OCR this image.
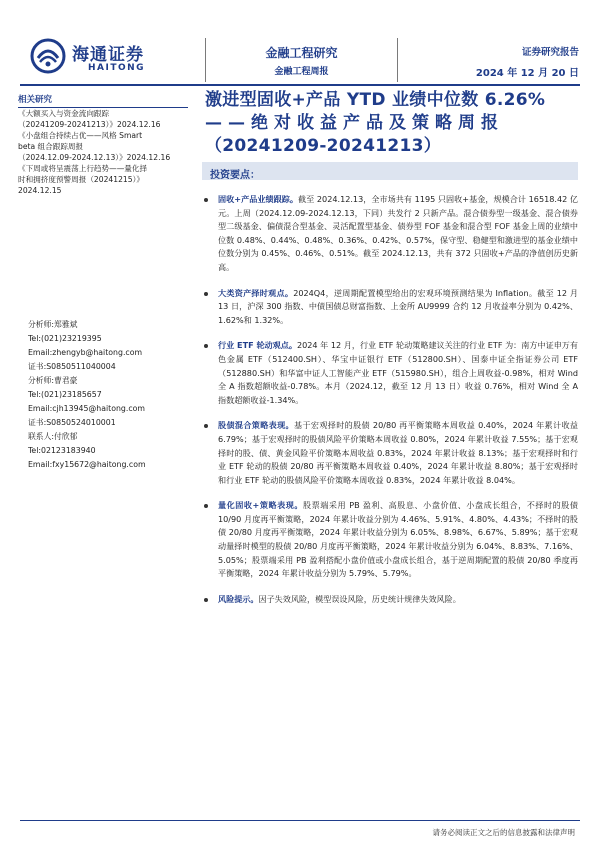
海通证券
HAITONG
金融工程研究
金融工程周报
证券研究报告
2024 年 12 月 20 日
相关研究
《大额买入与资金流向跟踪
（20241209-20241213）》2024.12.16
《小盘组合持续占优——风格 Smart
beta 组合跟踪周报
（2024.12.09-2024.12.13）》2024.12.16
《下周或将呈震荡上行趋势——量化择
时和拥挤度预警周报（20241215）》
2024.12.15
分析师:郑雅斌
Tel:(021)23219395
Email:zhengyb@haitong.com
证书:S0850511040004
分析师:曹君豪
Tel:(021)23185657
Email:cjh13945@haitong.com
证书:S0850524010001
联系人:付欣郁
Tel:02123183940
Email:fxy15672@haitong.com
激进型固收+产品 YTD 业绩中位数 6.26%
——绝对收益产品及策略周报
（20241209-20241213）
投资要点：

固收+产品业绩跟踪。截至 2024.12.13，全市场共有 1195 只固收+基金，规模合计 16518.42 亿元。上周（2024.12.09-2024.12.13，下同）共发行 2 只新产品。混合债券型一级基金、混合债券型二级基金、偏债混合型基金、灵活配置型基金、债券型 FOF 基金和混合型 FOF 基金上周的业绩中位数 0.48%、0.44%、0.48%、0.36%、0.42%、0.57%，保守型、稳健型和激进型的基金业绩中位数分别为 0.45%、0.46%、0.51%。截至 2024.12.13，共有 372 只固收+产品的净值创历史新高。

大类资产择时观点。2024Q4，逆周期配置模型给出的宏观环境预测结果为 Inflation。截至 12 月 13 日，沪深 300 指数、中债国债总财富指数、上金所 AU9999 合约 12 月收益率分别为 0.42%、1.62%和 1.32%。

行业 ETF 轮动观点。2024 年 12 月，行业 ETF 轮动策略建议关注的行业 ETF 为：南方中证申万有色金属 ETF（512400.SH）、华宝中证银行 ETF（512800.SH）、国泰中证全指证券公司 ETF（512880.SH）和华富中证人工智能产业 ETF（515980.SH），组合上周收益-0.98%，相对 Wind 全 A 指数超额收益-0.78%。本月（2024.12，截至 12 月 13 日）收益 0.76%，相对 Wind 全 A 指数超额收益-1.34%。

股债混合策略表现。基于宏观择时的股债 20/80 再平衡策略本周收益 0.40%，2024 年累计收益 6.79%；基于宏观择时的股债风险平价策略本周收益 0.80%，2024 年累计收益 7.55%；基于宏观择时的股、债、黄金风险平价策略本周收益 0.83%，2024 年累计收益 8.13%；基于宏观择时和行业 ETF 轮动的股债 20/80 再平衡策略本周收益 0.40%，2024 年累计收益 8.80%；基于宏观择时和行业 ETF 轮动的股债风险平价策略本周收益 0.83%，2024 年累计收益 8.04%。

量化固收+策略表现。股票端采用 PB 盈利、高股息、小盘价值、小盘成长组合，不择时的股债 10/90 月度再平衡策略，2024 年累计收益分别为 4.46%、5.91%、4.80%、4.43%；不择时的股债 20/80 月度再平衡策略，2024 年累计收益分别为 6.05%、8.98%、6.67%、5.89%；基于宏观动量择时模型的股债 20/80 月度再平衡策略，2024 年累计收益分别为 6.04%、8.83%、7.16%、5.05%；股票端采用 PB 盈利搭配小盘价值或小盘成长组合，基于逆周期配置的股债 20/80 季度再平衡策略，2024 年累计收益分别为 5.79%、5.79%。

风险提示。因子失效风险，模型误设风险，历史统计规律失效风险。

请务必阅读正文之后的信息披露和法律声明
